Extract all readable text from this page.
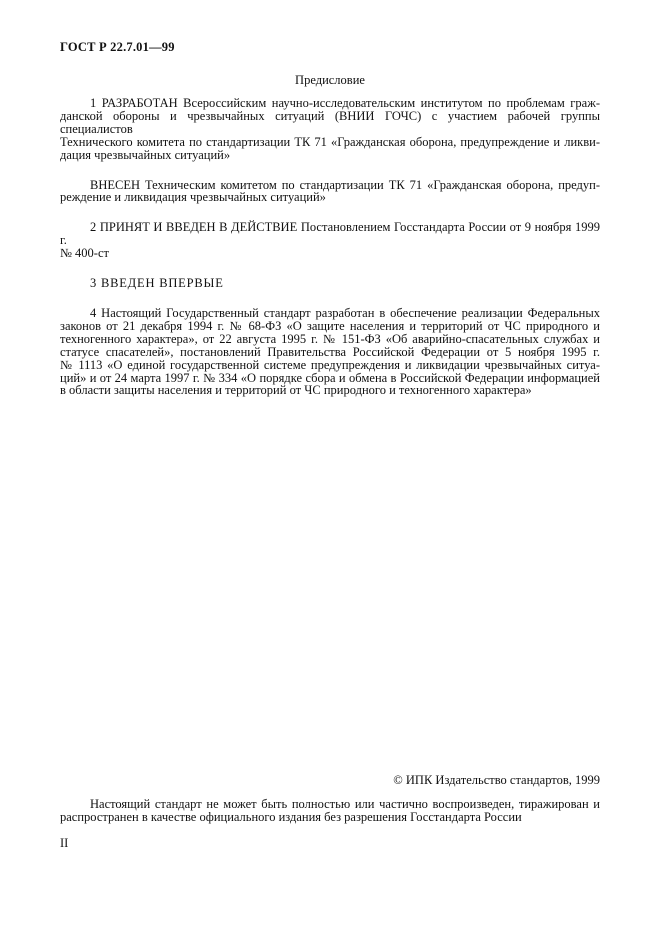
ГОСТ Р 22.7.01—99
Предисловие
1 РАЗРАБОТАН Всероссийским научно-исследовательским институтом по проблемам граж-
данской обороны и чрезвычайных ситуаций (ВНИИ ГОЧС) с участием рабочей группы специалистов
Технического комитета по стандартизации ТК 71 «Гражданская оборона, предупреждение и ликви-
дация чрезвычайных ситуаций»
ВНЕСЕН Техническим комитетом по стандартизации ТК 71 «Гражданская оборона, предуп-
реждение и ликвидация чрезвычайных ситуаций»
2 ПРИНЯТ И ВВЕДЕН В ДЕЙСТВИЕ Постановлением Госстандарта России от 9 ноября 1999 г.
№ 400-ст
3 ВВЕДЕН ВПЕРВЫЕ
4 Настоящий Государственный стандарт разработан в обеспечение реализации Федеральных
законов от 21 декабря 1994 г. № 68-ФЗ «О защите населения и территорий от ЧС природного и
техногенного характера», от 22 августа 1995 г. № 151-ФЗ «Об аварийно-спасательных службах и
статусе спасателей», постановлений Правительства Российской Федерации от 5 ноября 1995 г.
№ 1113 «О единой государственной системе предупреждения и ликвидации чрезвычайных ситуа-
ций» и от 24 марта 1997 г. № 334 «О порядке сбора и обмена в Российской Федерации информацией
в области защиты населения и территорий от ЧС природного и техногенного характера»
© ИПК Издательство стандартов, 1999
Настоящий стандарт не может быть полностью или частично воспроизведен, тиражирован и
распространен в качестве официального издания без разрешения Госстандарта России
II
